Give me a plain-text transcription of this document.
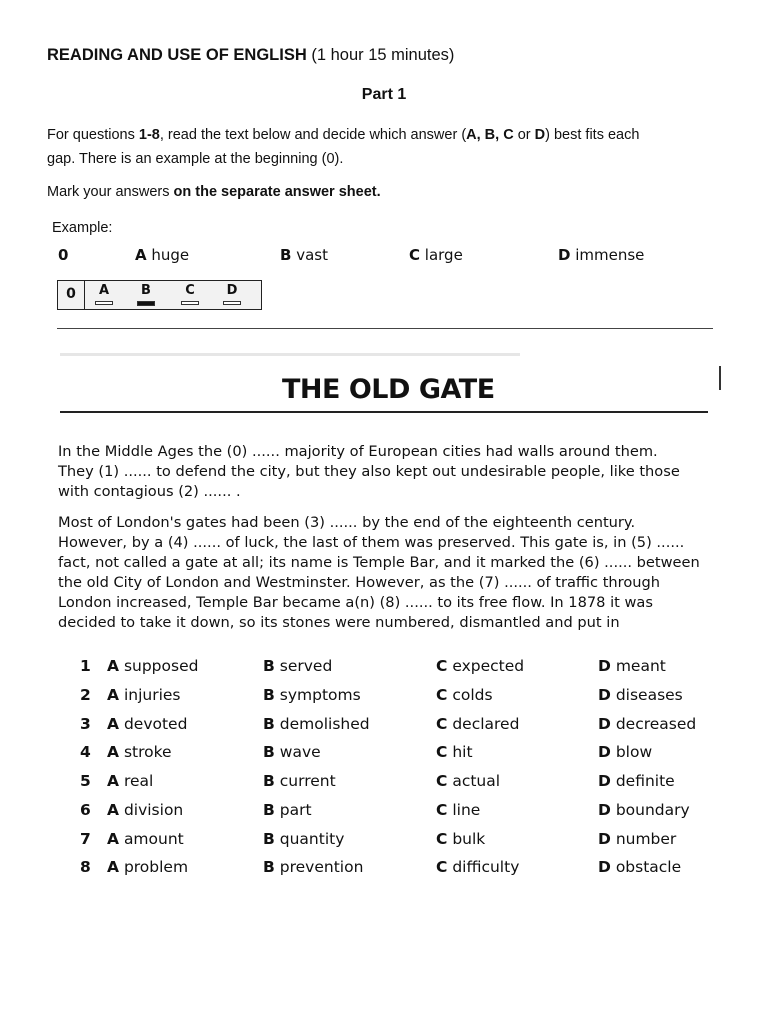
READING AND USE OF ENGLISH (1 hour 15 minutes)
Part 1
For questions 1-8, read the text below and decide which answer (A, B, C or D) best fits each
gap. There is an example at the beginning (0).
Mark your answers on the separate answer sheet.
Example:
0	A huge	B vast	C large	D immense
0	A	B	C	D
THE OLD GATE
In the Middle Ages the (0) ...... majority of European cities had walls around them.
They (1) ...... to defend the city, but they also kept out undesirable people, like those
with contagious (2) ...... .
Most of London's gates had been (3) ...... by the end of the eighteenth century.
However, by a (4) ...... of luck, the last of them was preserved. This gate is, in (5) ......
fact, not called a gate at all; its name is Temple Bar, and it marked the (6) ...... between
the old City of London and Westminster. However, as the (7) ...... of traffic through
London increased, Temple Bar became a(n) (8) ...... to its free flow. In 1878 it was
decided to take it down, so its stones were numbered, dismantled and put in
1 A supposed	B served	C expected	D meant
2 A injuries	B symptoms	C colds	D diseases
3 A devoted	B demolished	C declared	D decreased
4 A stroke	B wave	C hit	D blow
5 A real	B current	C actual	D definite
6 A division	B part	C line	D boundary
7 A amount	B quantity	C bulk	D number
8 A problem	B prevention	C difficulty	D obstacle
